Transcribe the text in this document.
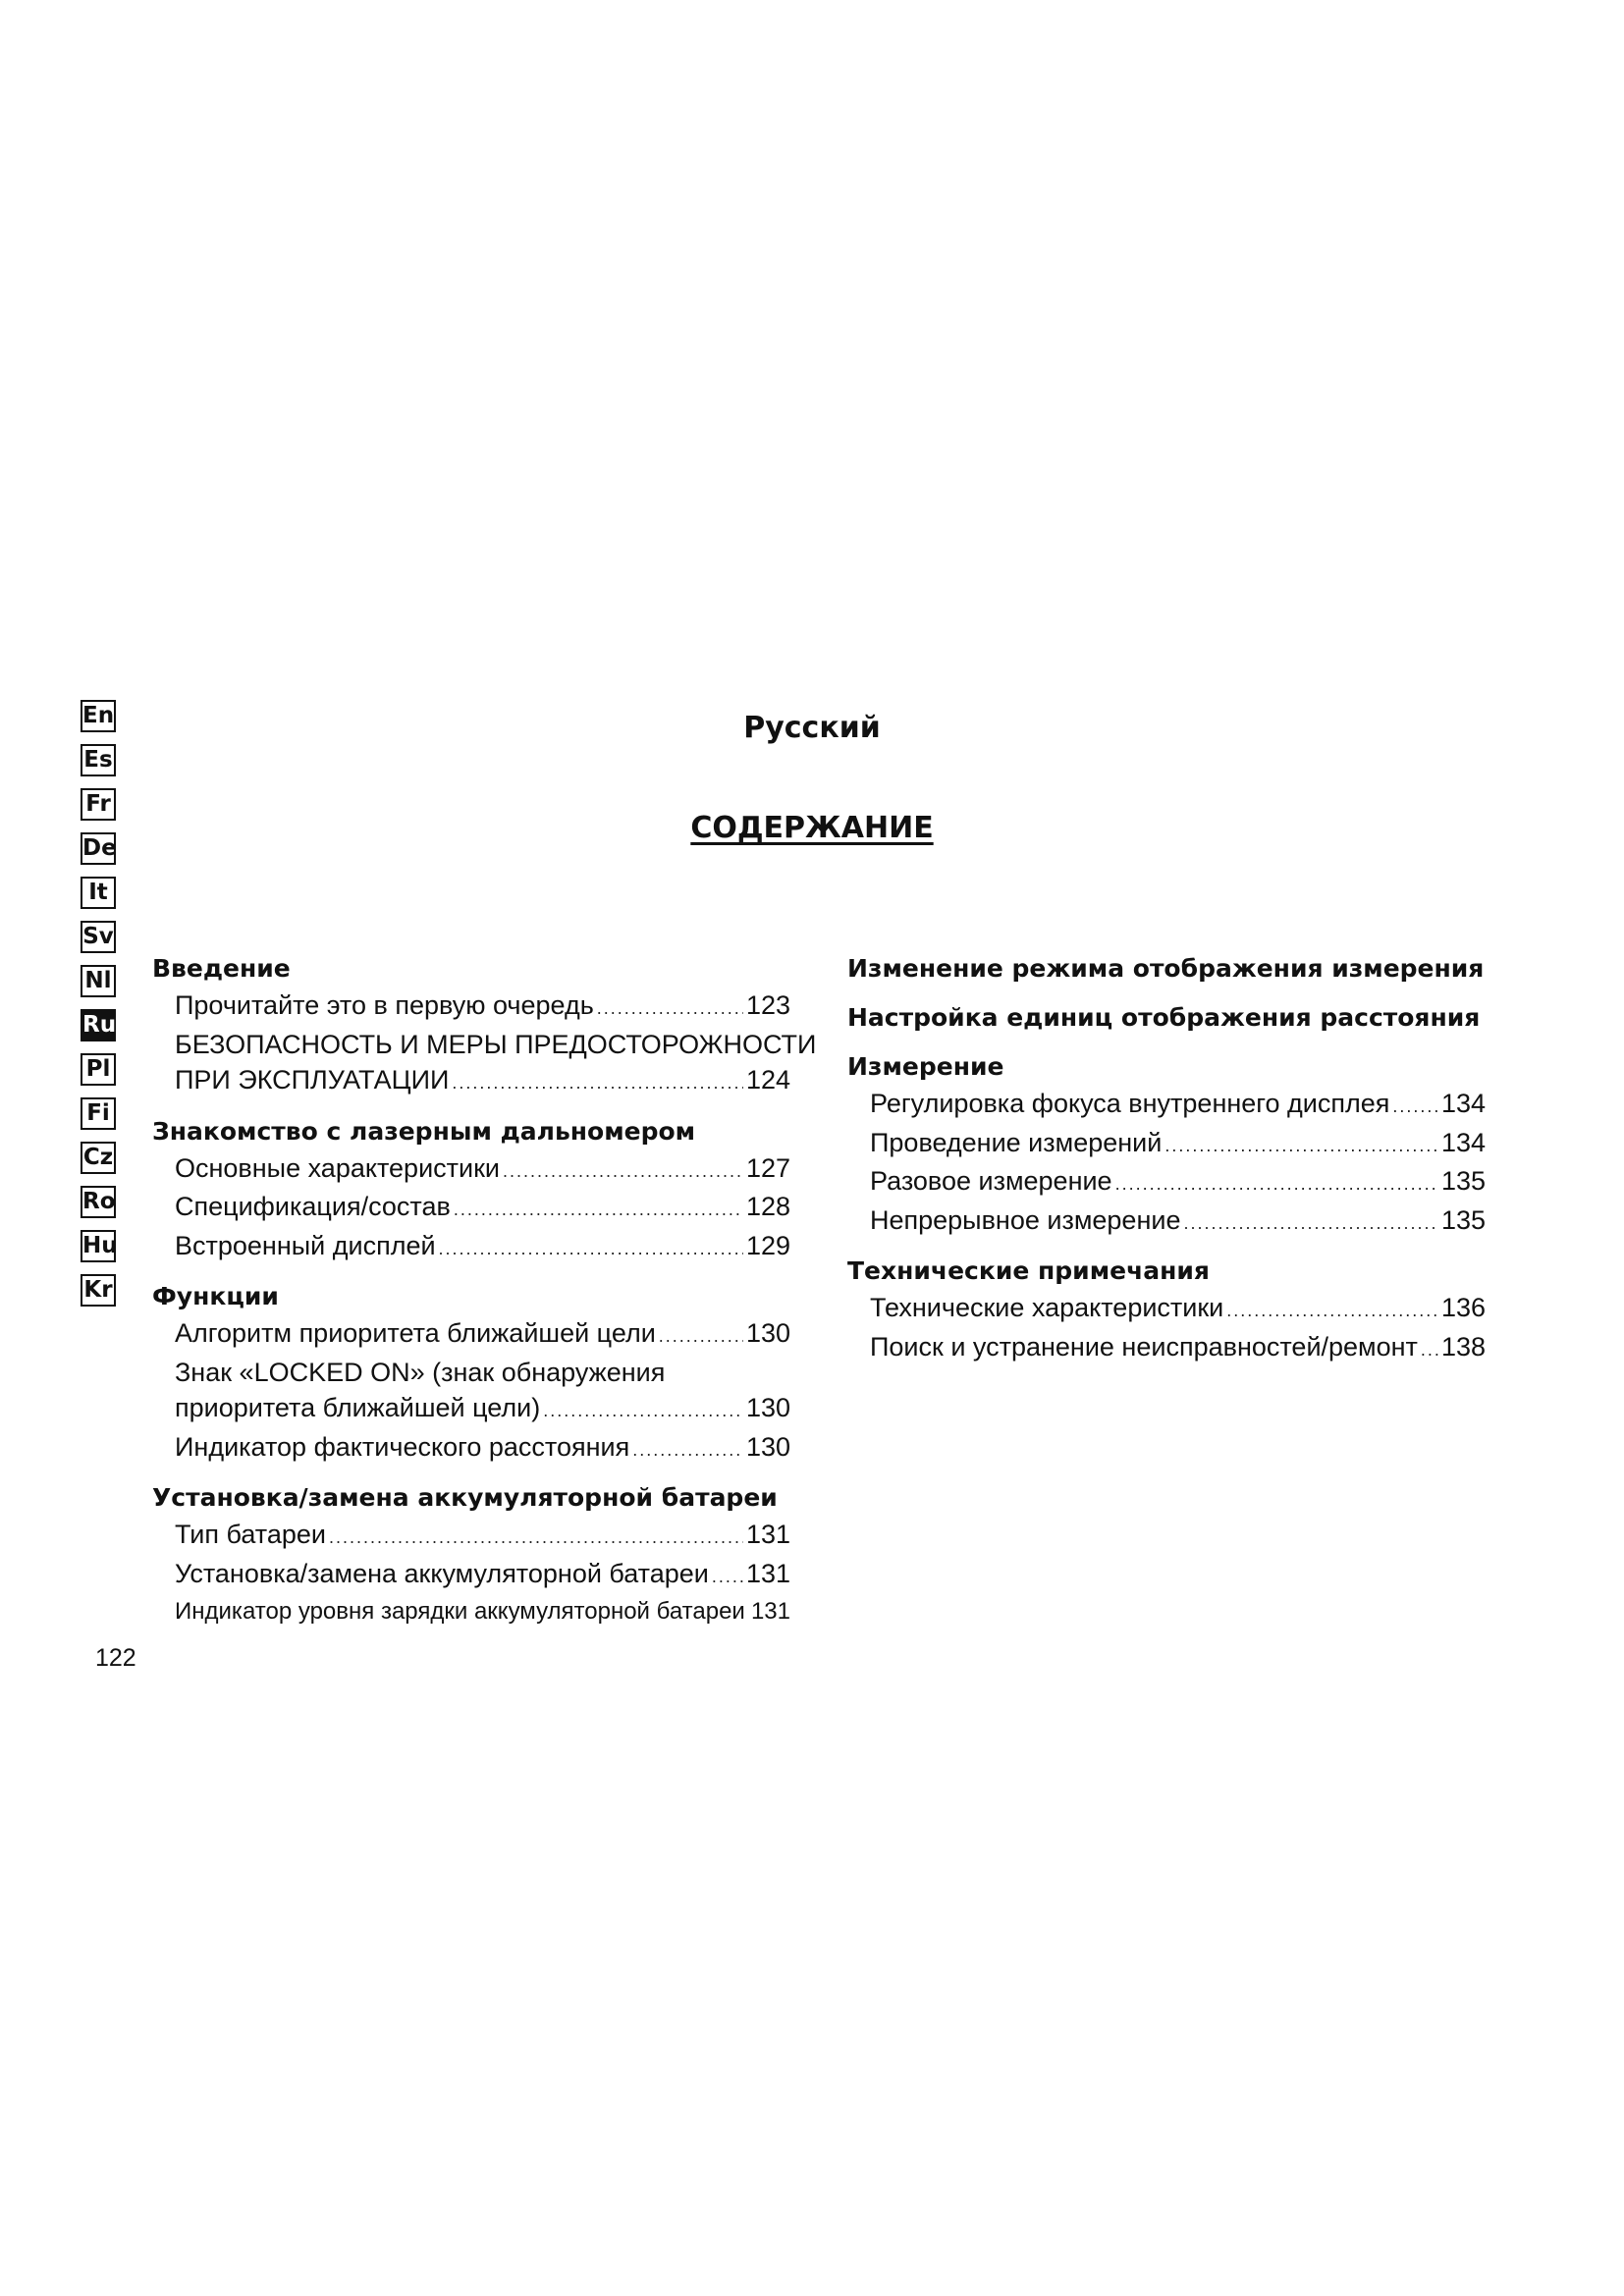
En
Es
Fr
De
It
Sv
Nl
Ru
Pl
Fi
Cz
Ro
Hu
Kr
Русский
СОДЕРЖАНИЕ
Введение
Прочитайте это в первую очередь .....	123
БЕЗОПАСНОСТЬ И МЕРЫ ПРЕДОСТОРОЖНОСТИ
ПРИ ЭКСПЛУАТАЦИИ .....	124
Знакомство с лазерным дальномером
Основные характеристики .....	127
Спецификация/состав .....	128
Встроенный дисплей .....	129
Функции
Алгоритм приоритета ближайшей цели .....	130
Знак «LOCKED ON» (знак обнаружения
приоритета ближайшей цели) .....	130
Индикатор фактического расстояния .....	130
Установка/замена аккумуляторной батареи
Тип батареи .....	131
Установка/замена аккумуляторной батареи ..... 131
Индикатор уровня зарядки аккумуляторной батареи ..... 131
Изменение режима отображения измерения
Настройка единиц отображения расстояния
Измерение
Регулировка фокуса внутреннего дисплея ..... 134
Проведение измерений .....	134
Разовое измерение .....	135
Непрерывное измерение .....	135
Технические примечания
Технические характеристики .....	136
Поиск и устранение неисправностей/ремонт ..... 138
122
